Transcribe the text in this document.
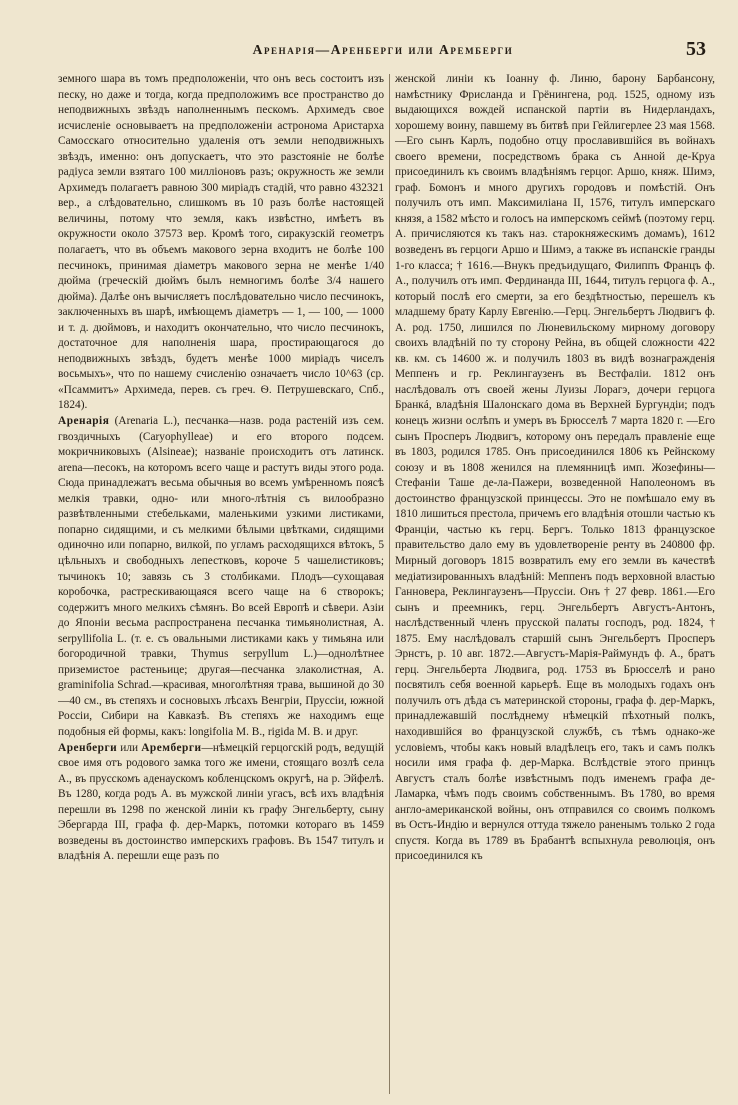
Аренарія—Аренберги или Аремберги	53

земного шара въ томъ предположеніи, что онъ весь состоитъ изъ песку, но даже и тогда, когда предположимъ все пространство до неподвижныхъ звѣздъ наполненнымъ пескомъ. Архимедъ свое исчисленіе основываетъ на предположеніи астронома Аристарха Самосскаго относительно удаленія отъ земли неподвижныхъ звѣздъ, именно: онъ допускаетъ, что это разстояніе не болѣе радіуса земли взятаго 100 милліоновъ разъ; окружность же земли Архимедъ полагаетъ равною 300 миріадъ стадій, что равно 432321 вер., а слѣдовательно, слишкомъ въ 10 разъ болѣе настоящей величины, потому что земля, какъ извѣстно, имѣетъ въ окружности около 37573 вер. Кромѣ того, сиракузскій геометръ полагаетъ, что въ объемъ макового зерна входитъ не болѣе 100 песчинокъ, принимая діаметръ макового зерна не менѣе 1/40 дюйма (греческій дюймъ былъ немногимъ болѣе 3/4 нашего дюйма). Далѣе онъ вычисляетъ послѣдовательно число песчинокъ, заключенныхъ въ шарѣ, имѣющемъ діаметръ — 1, — 100, — 1000 и т. д. дюймовъ, и находитъ окончательно, что число песчинокъ, достаточное для наполненія шара, простирающагося до неподвижныхъ звѣздъ, будетъ менѣе 1000 миріадъ чиселъ восьмыхъ», что по нашему счисленію означаетъ число 10^63 (ср. «Псаммитъ» Архимеда, перев. съ греч. Ѳ. Петрушевскаго, Спб., 1824).

Аренарія (Arenaria L.), песчанка—назв. рода растеній изъ сем. гвоздичныхъ (Caryophylleae) и его второго подсем. мокричниковыхъ (Alsineae); названіе происходитъ отъ латинск. arena—песокъ, на которомъ всего чаще и растутъ виды этого рода. Сюда принадлежатъ весьма обычныя во всемъ умѣренномъ поясѣ мелкія травки, одно- или много-лѣтнія съ вилообразно развѣтвленными стебельками, маленькими узкими листиками, попарно сидящими, и съ мелкими бѣлыми цвѣтками, сидящими одиночно или попарно, вилкой, по угламъ расходящихся вѣтокъ, 5 цѣльныхъ и свободныхъ лепестковъ, короче 5 чашелистиковъ; тычинокъ 10; завязь съ 3 столбиками. Плодъ—сухощавая коробочка, растрескивающаяся всего чаще на 6 створокъ; содержитъ много мелкихъ сѣмянъ. Во всей Европѣ и сѣвери. Азіи до Японіи весьма распространена песчанка тимьянолистная, A. serpyllifolia L. (т. е. съ овальными листиками какъ у тимьяна или богородичной травки, Thymus serpyllum L.)—однолѣтнее приземистое растеньице; другая—песчанка злаколистная, A. graminifolia Schrad.—красивая, многолѣтняя трава, вышиной до 30—40 см., въ степяхъ и сосновыхъ лѣсахъ Венгріи, Пруссіи, южной Россіи, Сибири на Кавказѣ. Въ степяхъ же находимъ еще подобныя ей формы, какъ: longifolia M. B., rigida M. B. и друг.

Аренберги или Аремберги—нѣмецкій герцогскій родъ, ведущій свое имя отъ родового замка того же имени, стоящаго возлѣ села А., въ прусскомъ аденаускомъ кобленцскомъ округѣ, на р. Эйфелѣ. Въ 1280, когда родъ А. въ мужской линіи угасъ, всѣ ихъ владѣнія перешли въ 1298 по женской линіи къ графу Энгельберту, сыну Эбергарда III, графа ф. дер-Маркъ, потомки котораго въ 1459 возведены въ достоинство имперскихъ графовъ. Въ 1547 титулъ и владѣнія А. перешли еще разъ по

женской линіи къ Іоанну ф. Линю, барону Барбансону, намѣстнику Фрисланда и Грёнингена, род. 1525, одному изъ выдающихся вождей испанской партіи въ Нидерландахъ, хорошему воину, павшему въ битвѣ при Гейлигерлее 23 мая 1568.—Его сынъ Карлъ, подобно отцу прославившійся въ войнахъ своего времени, посредствомъ брака съ Анной де-Круа присоединилъ къ своимъ владѣніямъ герцог. Аршо, княж. Шимэ, граф. Бомонъ и много другихъ городовъ и помѣстій. Онъ получилъ отъ имп. Максимиліана II, 1576, титулъ имперскаго князя, а 1582 мѣсто и голосъ на имперскомъ сеймѣ (поэтому герц. А. причисляются къ такъ наз. старокняжескимъ домамъ), 1612 возведенъ въ герцоги Аршо и Шимэ, а также въ испанскіе гранды 1-го класса; † 1616.—Внукъ предъидущаго, Филиппъ Францъ ф. А., получилъ отъ имп. Фердинанда III, 1644, титулъ герцога ф. А., который послѣ его смерти, за его бездѣтностью, перешелъ къ младшему брату Карлу Евгенію.—Герц. Энгельбертъ Людвигъ ф. А. род. 1750, лишился по Люневильскому мирному договору своихъ владѣній по ту сторону Рейна, въ общей сложности 422 кв. км. съ 14600 ж. и получилъ 1803 въ видѣ вознагражденія Меппенъ и гр. Реклингаузенъ въ Вестфаліи. 1812 онъ наслѣдовалъ отъ своей жены Луизы Лорагэ, дочери герцога Бранкá, владѣнія Шалонскаго дома въ Верхней Бургундіи; подъ конецъ жизни ослѣпъ и умеръ въ Брюсселѣ 7 марта 1820 г. —Его сынъ Просперъ Людвигъ, которому онъ передалъ правленіе еще въ 1803, родился 1785. Онъ присоединился 1806 къ Рейнскому союзу и въ 1808 женился на племянницѣ имп. Жозефины—Стефаніи Таше де-ла-Пажери, возведенной Наполеономъ въ достоинство французской принцессы. Это не помѣшало ему въ 1810 лишиться престола, причемъ его владѣнія отошли частью къ Франціи, частью къ герц. Бергъ. Только 1813 французское правительство дало ему въ удовлетвореніе ренту въ 240800 фр. Мирный договоръ 1815 возвратилъ ему его земли въ качествѣ медіатизированныхъ владѣній: Меппенъ подъ верховной властью Ганновера, Реклингаузенъ—Пруссіи. Онъ † 27 февр. 1861.—Его сынъ и преемникъ, герц. Энгельбертъ Августъ-Антонъ, наслѣдственный членъ прусской палаты господъ, род. 1824, † 1875. Ему наслѣдовалъ старшій сынъ Энгельбертъ Просперъ Эрнстъ, р. 10 авг. 1872.—Августъ-Марія-Раймундъ ф. А., братъ герц. Энгельберта Людвига, род. 1753 въ Брюсселѣ и рано посвятилъ себя военной карьерѣ. Еще въ молодыхъ годахъ онъ получилъ отъ дѣда съ материнской стороны, графа ф. дер-Маркъ, принадлежавшій послѣднему нѣмецкій пѣхотный полкъ, находившійся во французской службѣ, съ тѣмъ однако-же условіемъ, чтобы какъ новый владѣлецъ его, такъ и самъ полкъ носили имя графа ф. дер-Марка. Вслѣдствіе этого принцъ Августъ сталъ болѣе извѣстнымъ подъ именемъ графа де-Ламарка, чѣмъ подъ своимъ собственнымъ. Въ 1780, во время англо-американской войны, онъ отправился со своимъ полкомъ въ Остъ-Индію и вернулся оттуда тяжело раненымъ только 2 года спустя. Когда въ 1789 въ Брабантѣ вспыхнула революція, онъ присоединился къ
